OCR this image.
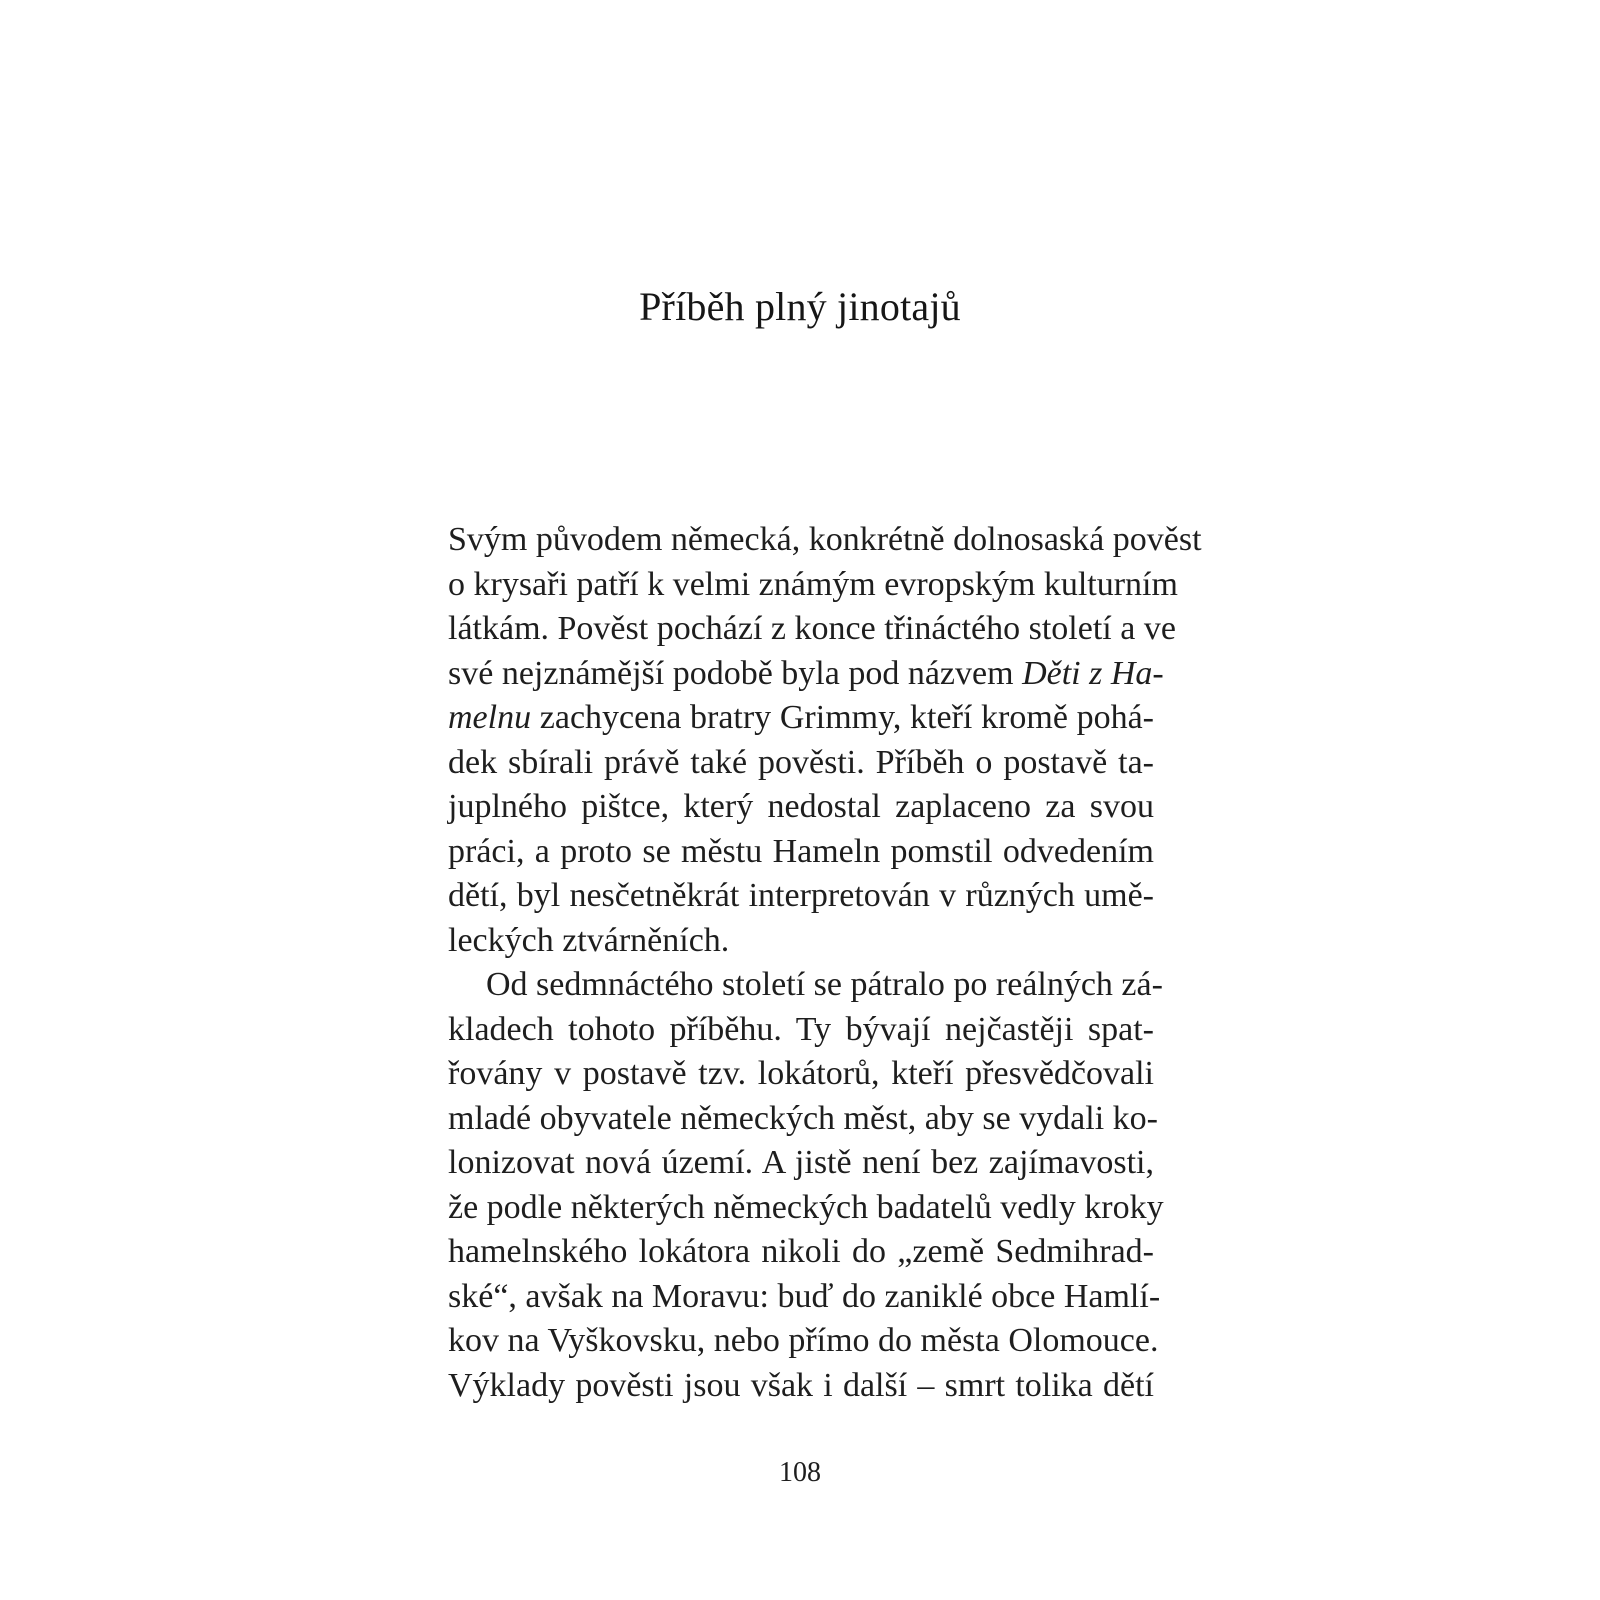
Příběh plný jinotajů
Svým původem německá, konkrétně dolnosaská pověst
o krysaři patří k velmi známým evropským kulturním
látkám. Pověst pochází z konce třináctého století a ve
své nejznámější podobě byla pod názvem Děti z Ha-
melnu zachycena bratry Grimmy, kteří kromě pohá-
dek sbírali právě také pověsti. Příběh o postavě ta-
juplného pištce, který nedostal zaplaceno za svou
práci, a proto se městu Hameln pomstil odvedením
dětí, byl nesčetněkrát interpretován v různých umě-
leckých ztvárněních.
Od sedmnáctého století se pátralo po reálných zá-
kladech tohoto příběhu. Ty bývají nejčastěji spat-
řovány v postavě tzv. lokátorů, kteří přesvědčovali
mladé obyvatele německých měst, aby se vydali ko-
lonizovat nová území. A jistě není bez zajímavosti,
že podle některých německých badatelů vedly kroky
hamelnského lokátora nikoli do „země Sedmihrad-
ské“, avšak na Moravu: buď do zaniklé obce Hamlí-
kov na Vyškovsku, nebo přímo do města Olomouce.
Výklady pověsti jsou však i další – smrt tolika dětí

108
